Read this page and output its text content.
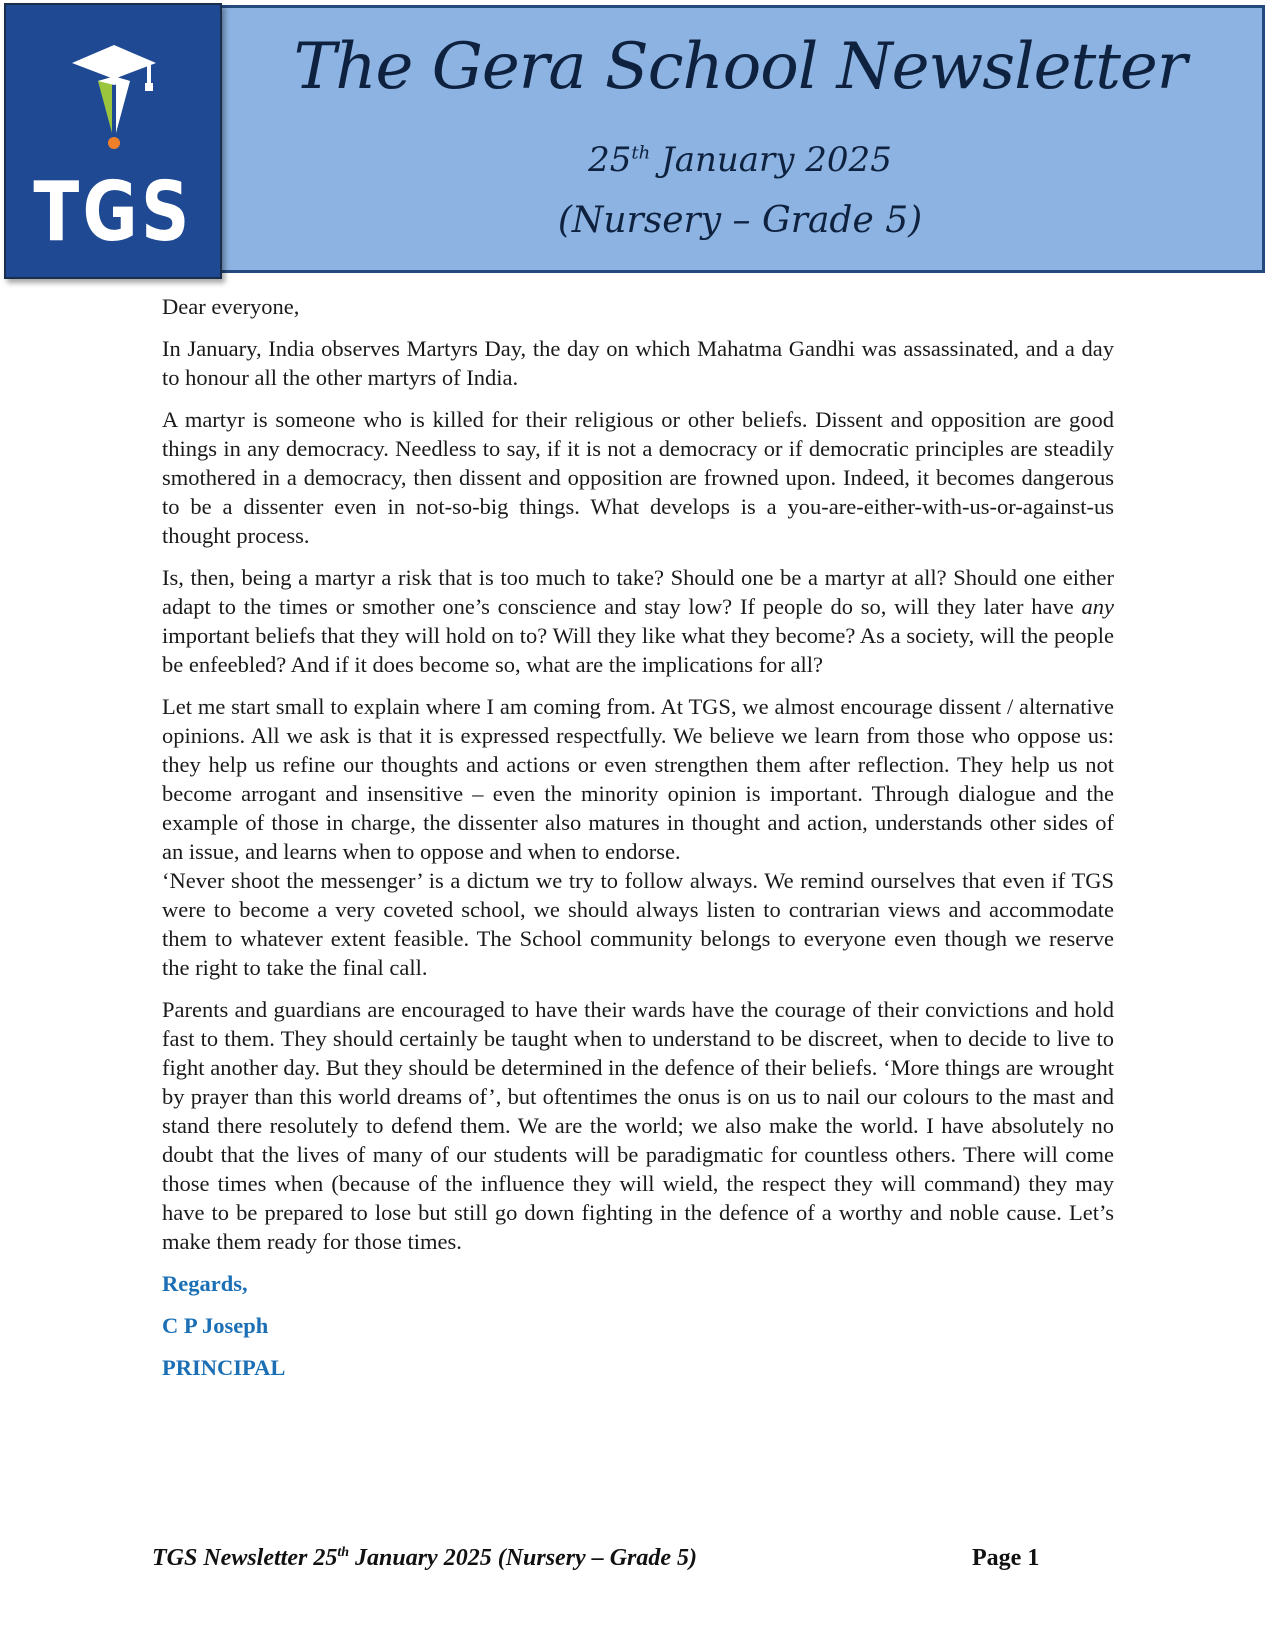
TGS
The Gera School Newsletter
25th January 2025
(Nursery – Grade 5)

Dear everyone,

In January, India observes Martyrs Day, the day on which Mahatma Gandhi was assassinated, and a day to honour all the other martyrs of India.

A martyr is someone who is killed for their religious or other beliefs. Dissent and opposition are good things in any democracy. Needless to say, if it is not a democracy or if democratic principles are steadily smothered in a democracy, then dissent and opposition are frowned upon. Indeed, it becomes dangerous to be a dissenter even in not-so-big things. What develops is a you-are-either-with-us-or-against-us thought process.

Is, then, being a martyr a risk that is too much to take? Should one be a martyr at all? Should one either adapt to the times or smother one’s conscience and stay low? If people do so, will they later have any important beliefs that they will hold on to? Will they like what they become? As a society, will the people be enfeebled? And if it does become so, what are the implications for all?

Let me start small to explain where I am coming from. At TGS, we almost encourage dissent / alternative opinions. All we ask is that it is expressed respectfully. We believe we learn from those who oppose us: they help us refine our thoughts and actions or even strengthen them after reflection. They help us not become arrogant and insensitive – even the minority opinion is important. Through dialogue and the example of those in charge, the dissenter also matures in thought and action, understands other sides of an issue, and learns when to oppose and when to endorse.

‘Never shoot the messenger’ is a dictum we try to follow always. We remind ourselves that even if TGS were to become a very coveted school, we should always listen to contrarian views and accommodate them to whatever extent feasible. The School community belongs to everyone even though we reserve the right to take the final call.

Parents and guardians are encouraged to have their wards have the courage of their convictions and hold fast to them. They should certainly be taught when to understand to be discreet, when to decide to live to fight another day. But they should be determined in the defence of their beliefs. ‘More things are wrought by prayer than this world dreams of’, but oftentimes the onus is on us to nail our colours to the mast and stand there resolutely to defend them. We are the world; we also make the world. I have absolutely no doubt that the lives of many of our students will be paradigmatic for countless others. There will come those times when (because of the influence they will wield, the respect they will command) they may have to be prepared to lose but still go down fighting in the defence of a worthy and noble cause. Let’s make them ready for those times.

Regards,

C P Joseph

PRINCIPAL

TGS Newsletter 25th January 2025 (Nursery – Grade 5)	Page 1
